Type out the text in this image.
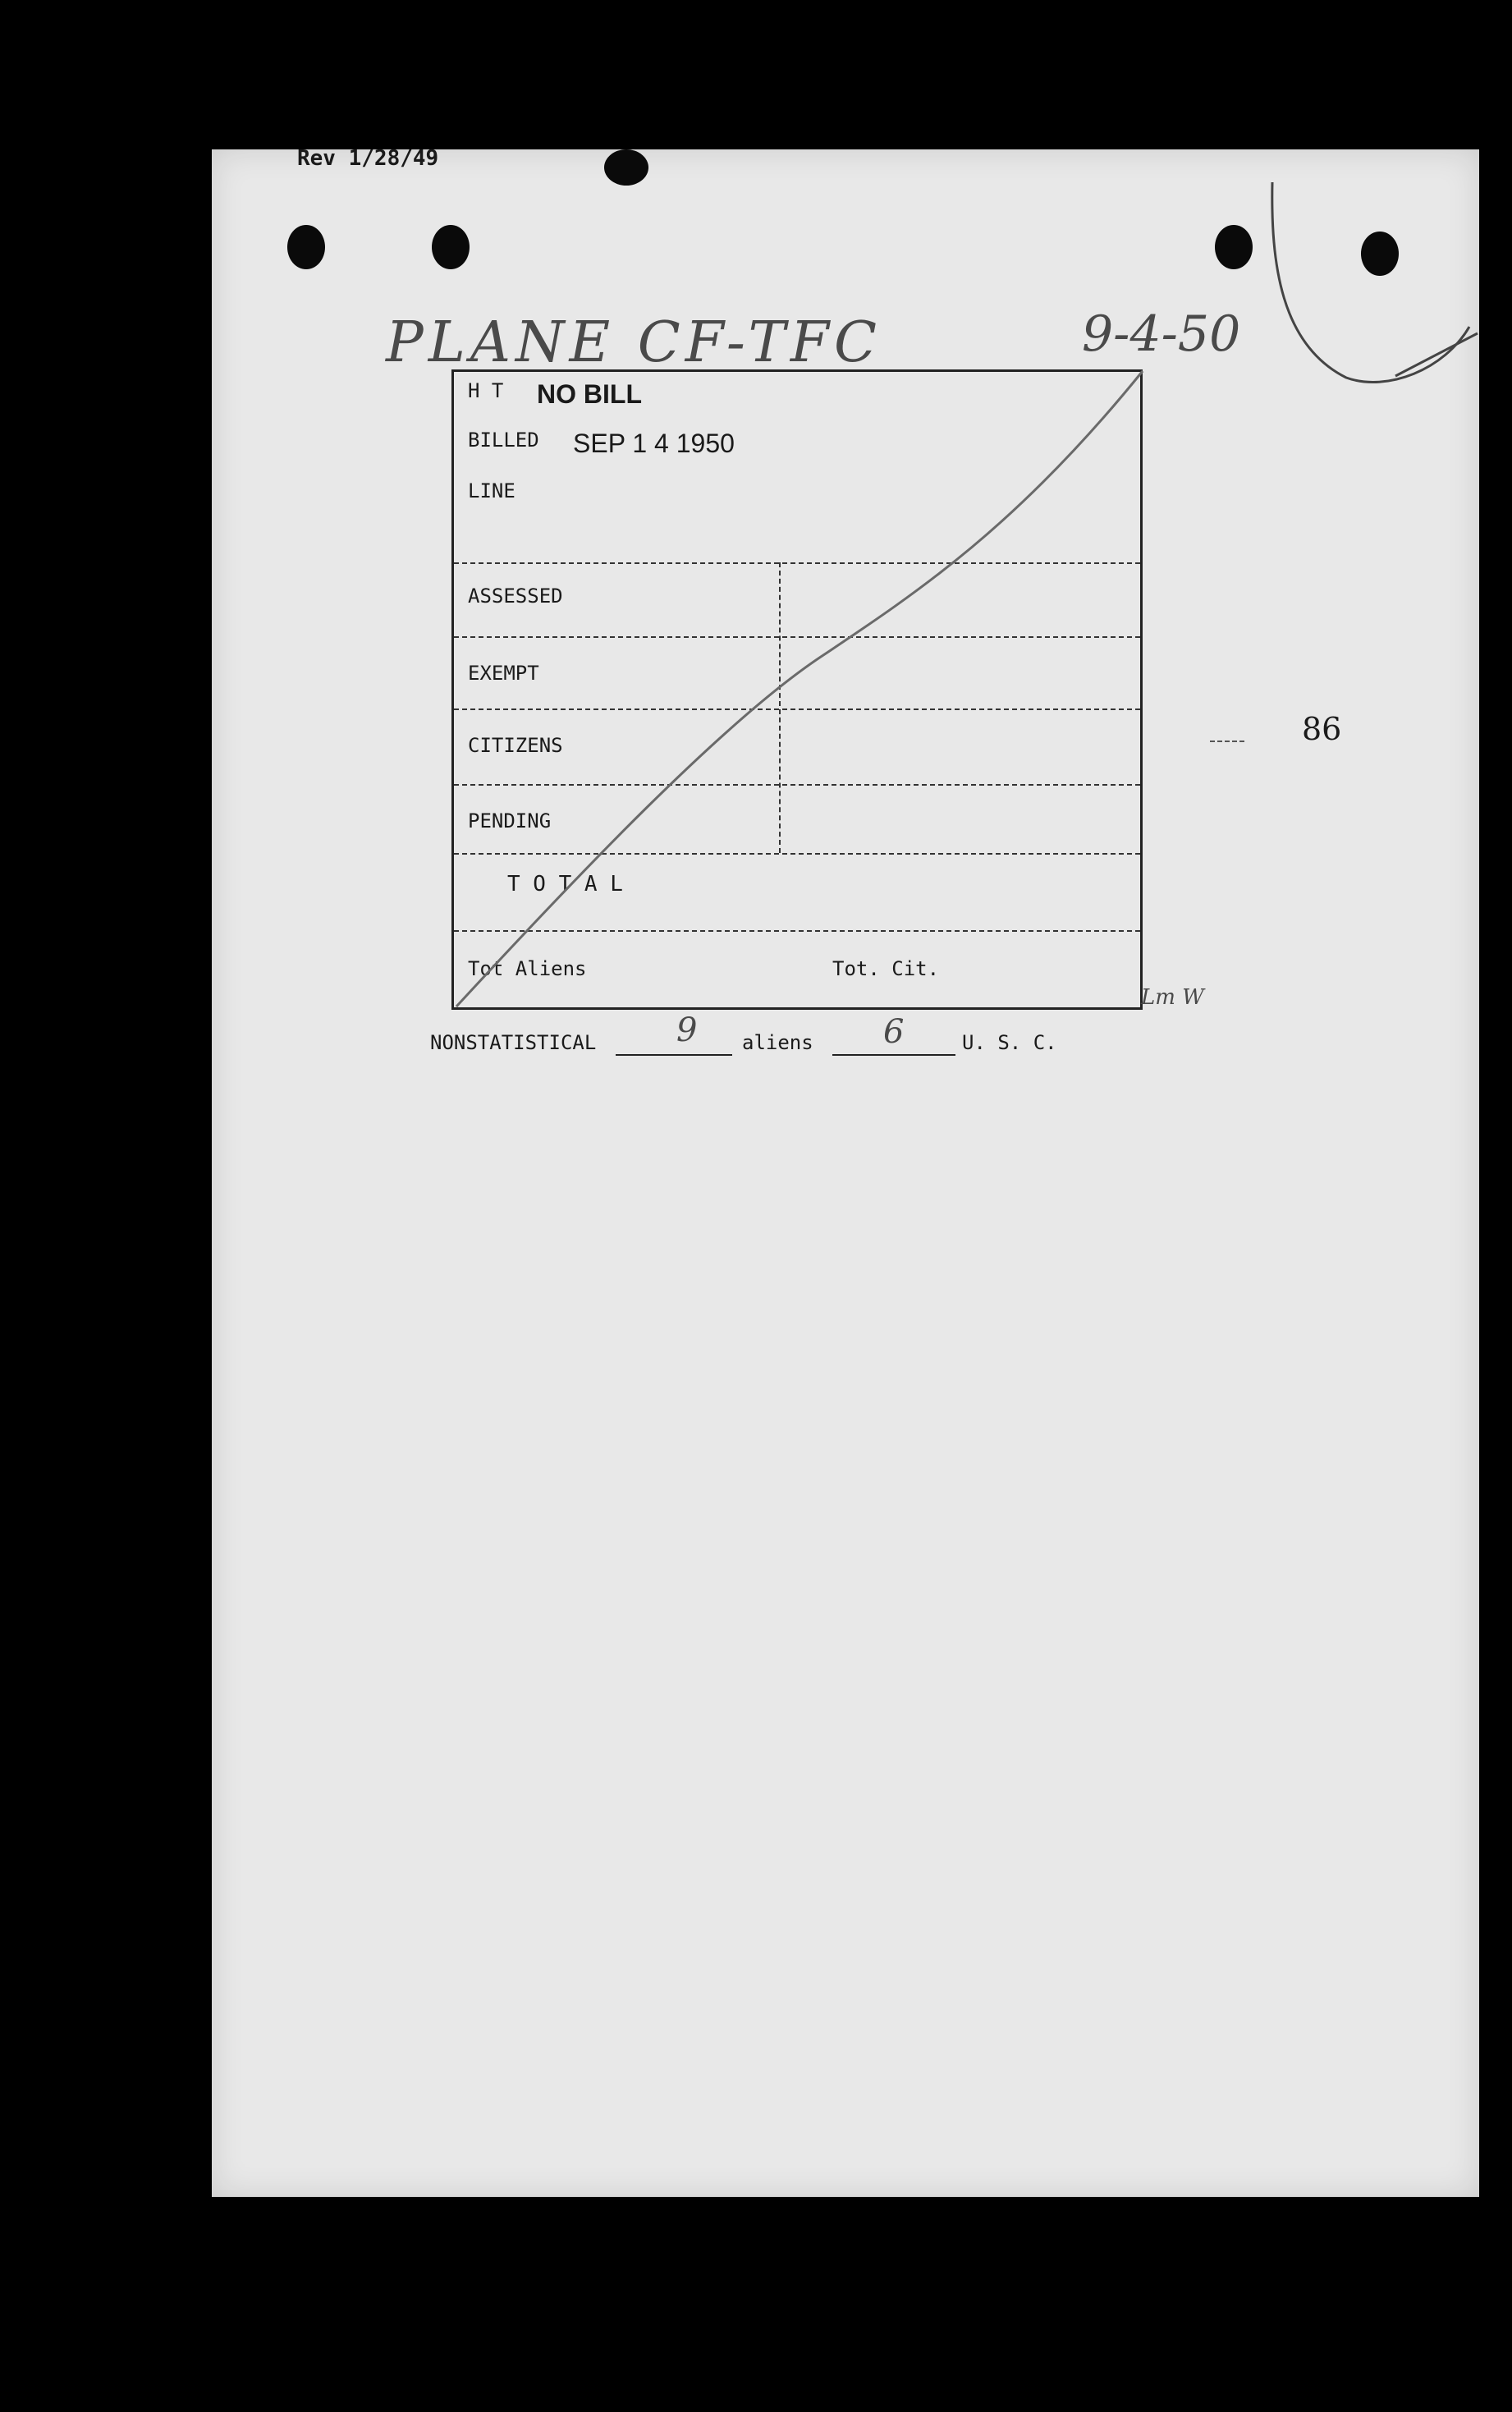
Rev 1/28/49
PLANE CF-TFC	9-4-50
H T NO BILL
BILLED SEP 1 4 1950
LINE
ASSESSED
EXEMPT
CITIZENS
PENDING
T O T A L
Tot Aliens	Tot. Cit.
Lm W
86
NONSTATISTICAL 9 aliens 6	U. S. C.
